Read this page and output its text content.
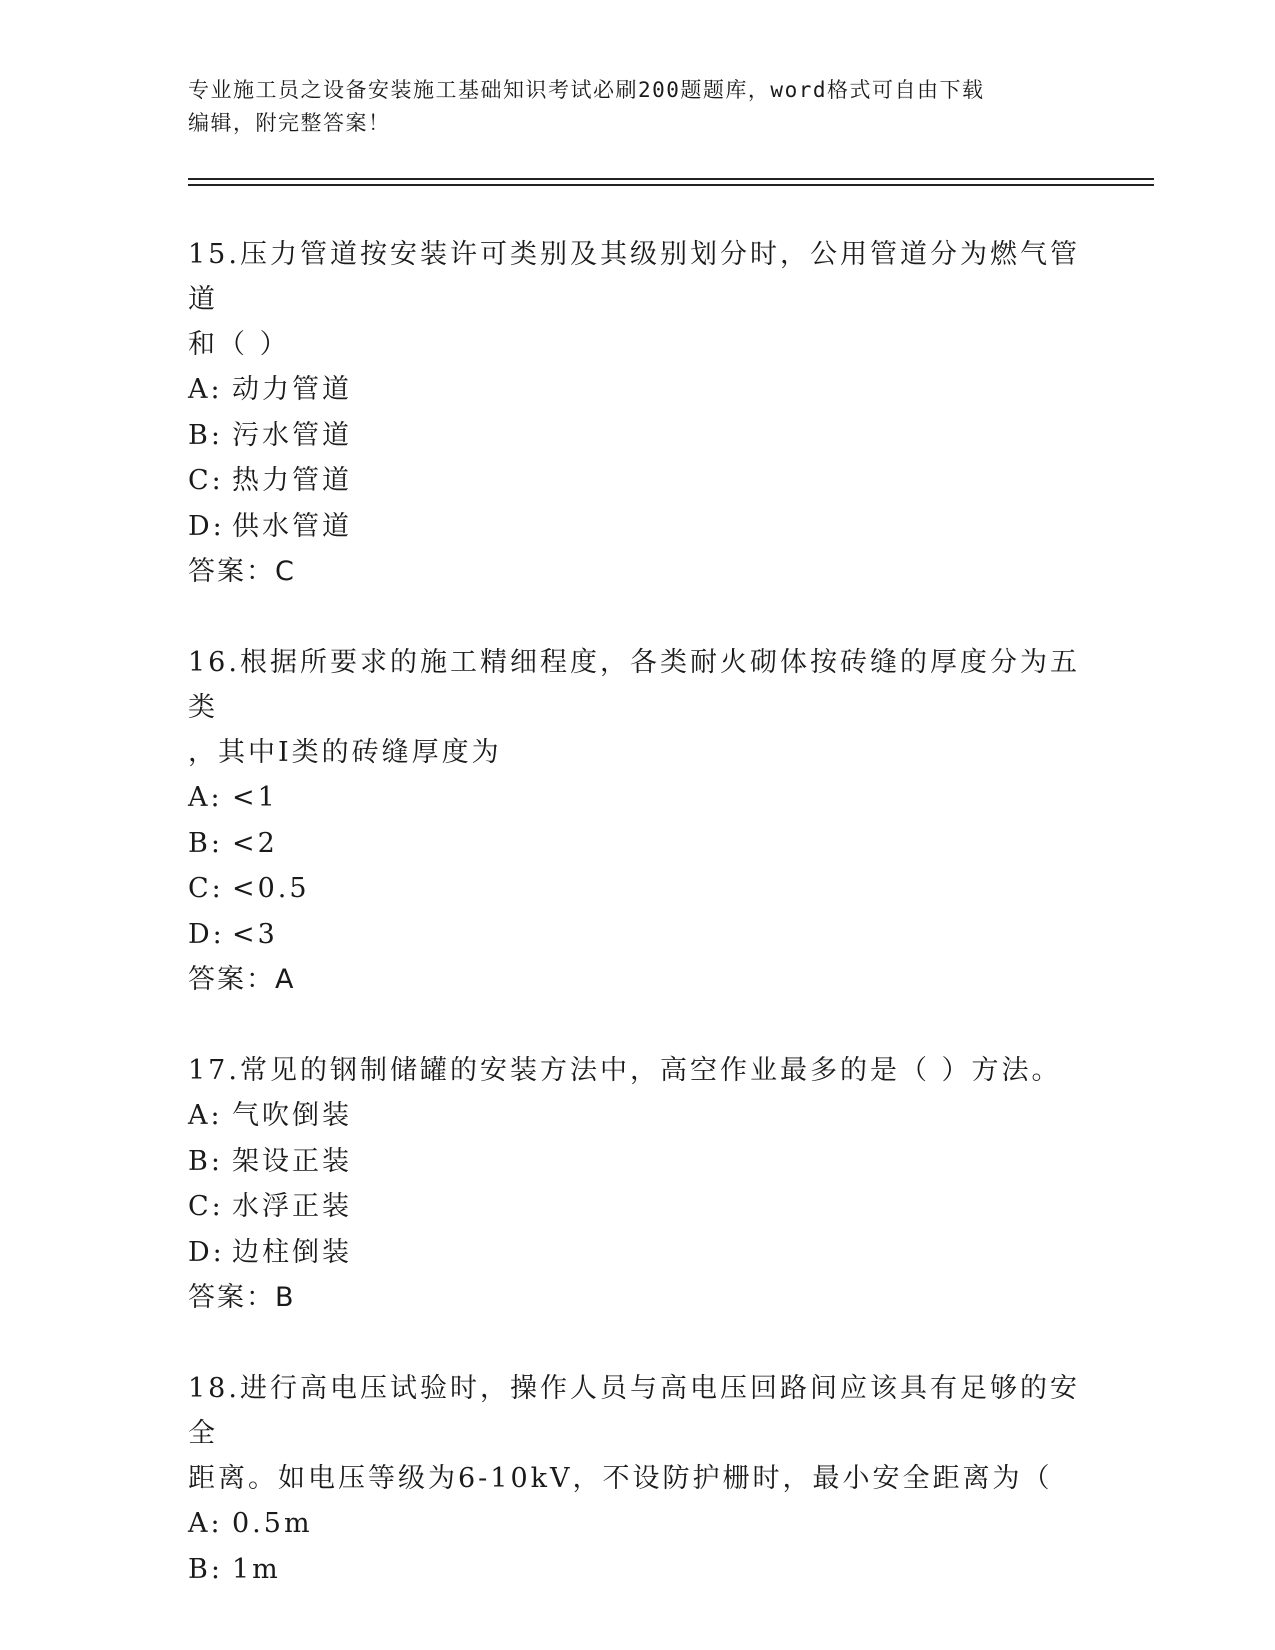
专业施工员之设备安装施工基础知识考试必刷200题题库，word格式可自由下载
编辑，附完整答案！

15.压力管道按安装许可类别及其级别划分时，公用管道分为燃气管道

和（ ）

A: 动力管道

B: 污水管道

C: 热力管道

D: 供水管道

答案：C

16.根据所要求的施工精细程度，各类耐火砌体按砖缝的厚度分为五类

，其中Ⅰ类的砖缝厚度为

A: <1

B: <2

C: <0.5

D: <3

答案：A

17.常见的钢制储罐的安装方法中，高空作业最多的是（ ）方法。

A: 气吹倒装

B: 架设正装

C: 水浮正装

D: 边柱倒装

答案：B

18.进行高电压试验时，操作人员与高电压回路间应该具有足够的安全

距离。如电压等级为6-10kV，不设防护栅时，最小安全距离为（

A: 0.5m

B: 1m
